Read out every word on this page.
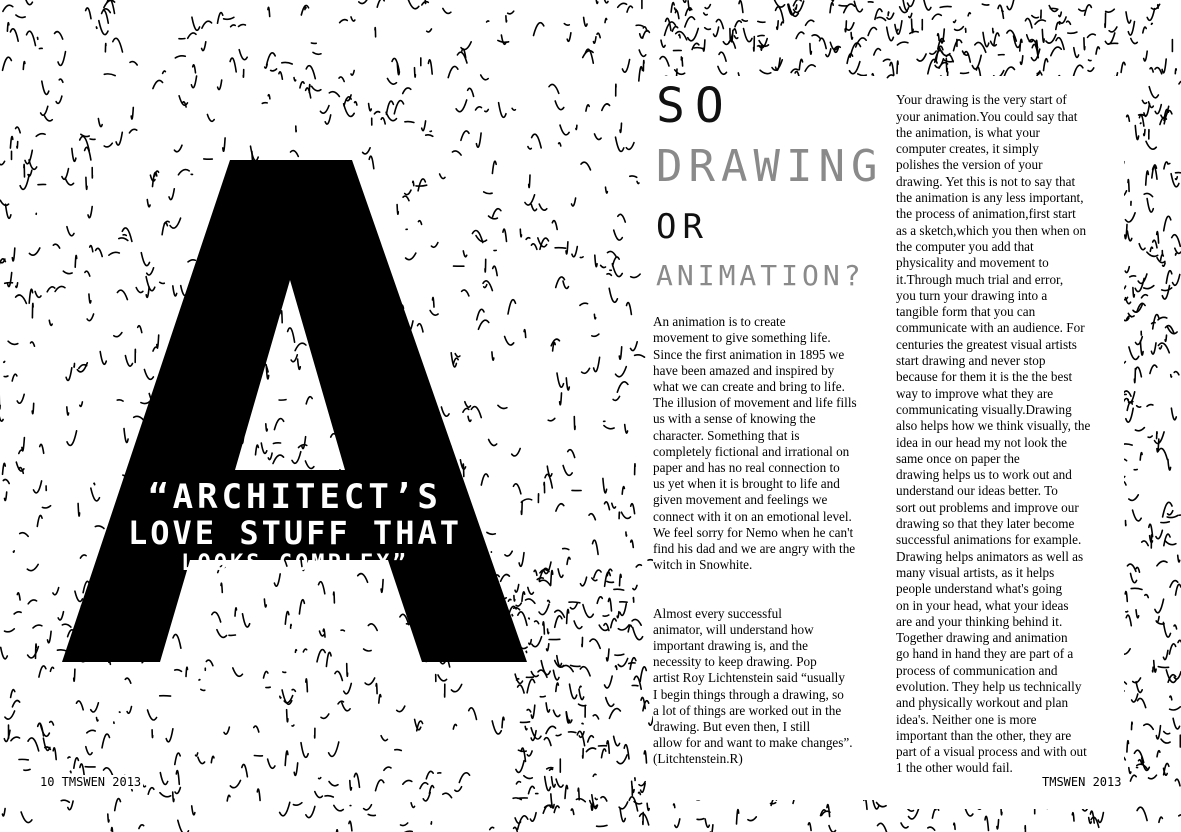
“ARCHITECT’S
LOVE STUFF THAT
LOOKS COMPLEX”
10 TMSWEN 2013
SO
DRAWING
OR
ANIMATION?

An animation is to create
movement to give something life.
Since the first animation in 1895 we
have been amazed and inspired by
what we can create and bring to life.
The illusion of movement and life fills
us with a sense of knowing the
character. Something that is
completely fictional and irrational on
paper and has no real connection to
us yet when it is brought to life and
given movement and feelings we
connect with it on an emotional level.
We feel sorry for Nemo when he can't
find his dad and we are angry with the
witch in Snowhite.

Almost every successful
animator, will understand how
important drawing is, and the
necessity to keep drawing. Pop
artist Roy Lichtenstein said “usually
I begin things through a drawing, so
a lot of things are worked out in the
drawing. But even then, I still
allow for and want to make changes”.
(Litchtenstein.R)

Your drawing is the very start of
your animation.You could say that
the animation, is what your
computer creates, it simply
polishes the version of your
drawing. Yet this is not to say that
the animation is any less important,
the process of animation,first start
as a sketch,which you then when on
the computer you add that
physicality and movement to
it.Through much trial and error,
you turn your drawing into a
tangible form that you can
communicate with an audience. For
centuries the greatest visual artists
start drawing and never stop
because for them it is the the best
way to improve what they are
communicating visually.Drawing
also helps how we think visually, the
idea in our head my not look the
same once on paper the
drawing helps us to work out and
understand our ideas better. To
sort out problems and improve our
drawing so that they later become
successful animations for example.
Drawing helps animators as well as
many visual artists, as it helps
people understand what's going
on in your head, what your ideas
are and your thinking behind it.
Together drawing and animation
go hand in hand they are part of a
process of communication and
evolution. They help us technically
and physically workout and plan
idea's. Neither one is more
important than the other, they are
part of a visual process and with out
1 the other would fail.

TMSWEN 2013
